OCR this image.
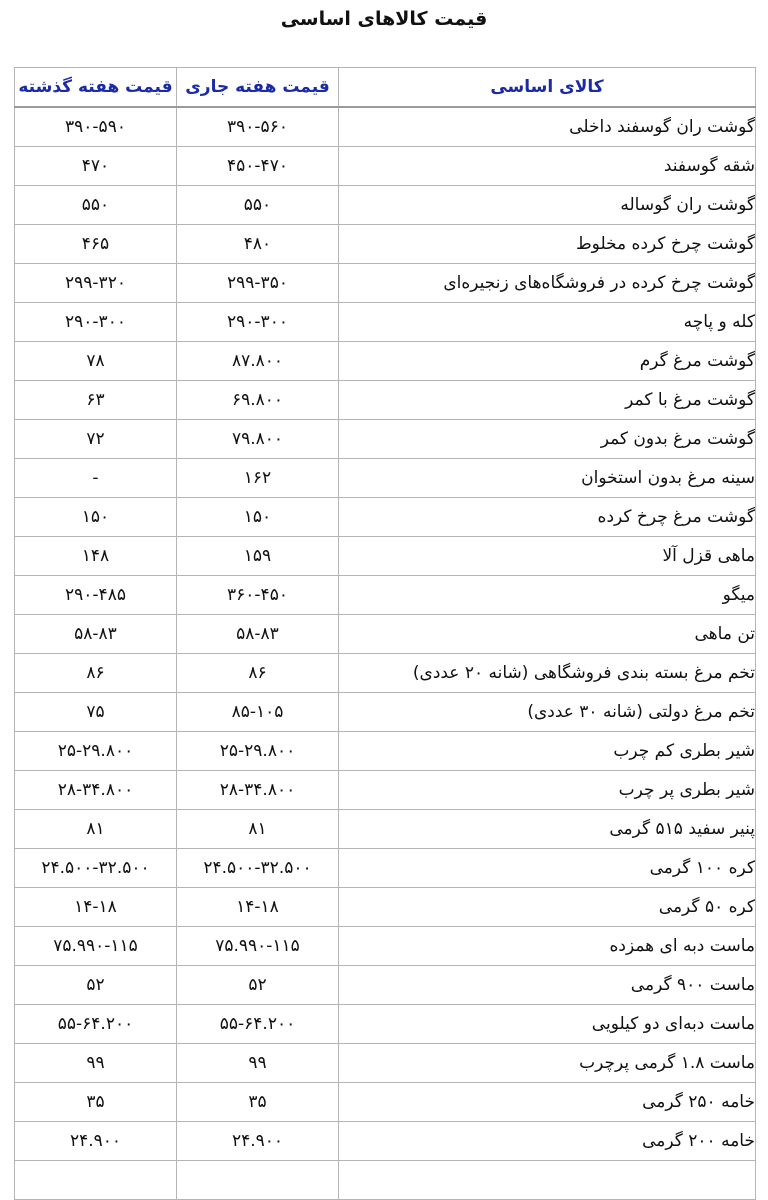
قیمت کالاهای اساسی
کالای اساسی	قیمت هفته جاری	قیمت هفته گذشته
گوشت ران گوسفند داخلی	۳۹۰-۵۶۰	۳۹۰-۵۹۰
شقه گوسفند	۴۵۰-۴۷۰	۴۷۰
گوشت ران گوساله	۵۵۰	۵۵۰
گوشت چرخ کرده مخلوط	۴۸۰	۴۶۵
گوشت چرخ کرده در فروشگاه‌های زنجیره‌ای	۲۹۹-۳۵۰	۲۹۹-۳۲۰
کله و پاچه	۲۹۰-۳۰۰	۲۹۰-۳۰۰
گوشت مرغ گرم	۸۷.۸۰۰	۷۸
گوشت مرغ با کمر	۶۹.۸۰۰	۶۳
گوشت مرغ بدون کمر	۷۹.۸۰۰	۷۲
سینه مرغ بدون استخوان	۱۶۲	-
گوشت مرغ چرخ کرده	۱۵۰	۱۵۰
ماهی قزل آلا	۱۵۹	۱۴۸
میگو	۳۶۰-۴۵۰	۲۹۰-۴۸۵
تن ماهی	۵۸-۸۳	۵۸-۸۳
تخم مرغ بسته بندی فروشگاهی (شانه ۲۰ عددی)	۸۶	۸۶
تخم مرغ دولتی (شانه ۳۰ عددی)	۸۵-۱۰۵	۷۵
شیر بطری کم چرب	۲۵-۲۹.۸۰۰	۲۵-۲۹.۸۰۰
شیر بطری پر چرب	۲۸-۳۴.۸۰۰	۲۸-۳۴.۸۰۰
پنیر سفید ۵۱۵ گرمی	۸۱	۸۱
کره ۱۰۰ گرمی	۲۴.۵۰۰-۳۲.۵۰۰	۲۴.۵۰۰-۳۲.۵۰۰
کره ۵۰ گرمی	۱۴-۱۸	۱۴-۱۸
ماست دبه ای همزده	۷۵.۹۹۰-۱۱۵	۷۵.۹۹۰-۱۱۵
ماست ۹۰۰ گرمی	۵۲	۵۲
ماست دبه‌ای دو کیلویی	۵۵-۶۴.۲۰۰	۵۵-۶۴.۲۰۰
ماست ۱.۸ گرمی پرچرب	۹۹	۹۹
خامه ۲۵۰ گرمی	۳۵	۳۵
خامه ۲۰۰ گرمی	۲۴.۹۰۰	۲۴.۹۰۰
